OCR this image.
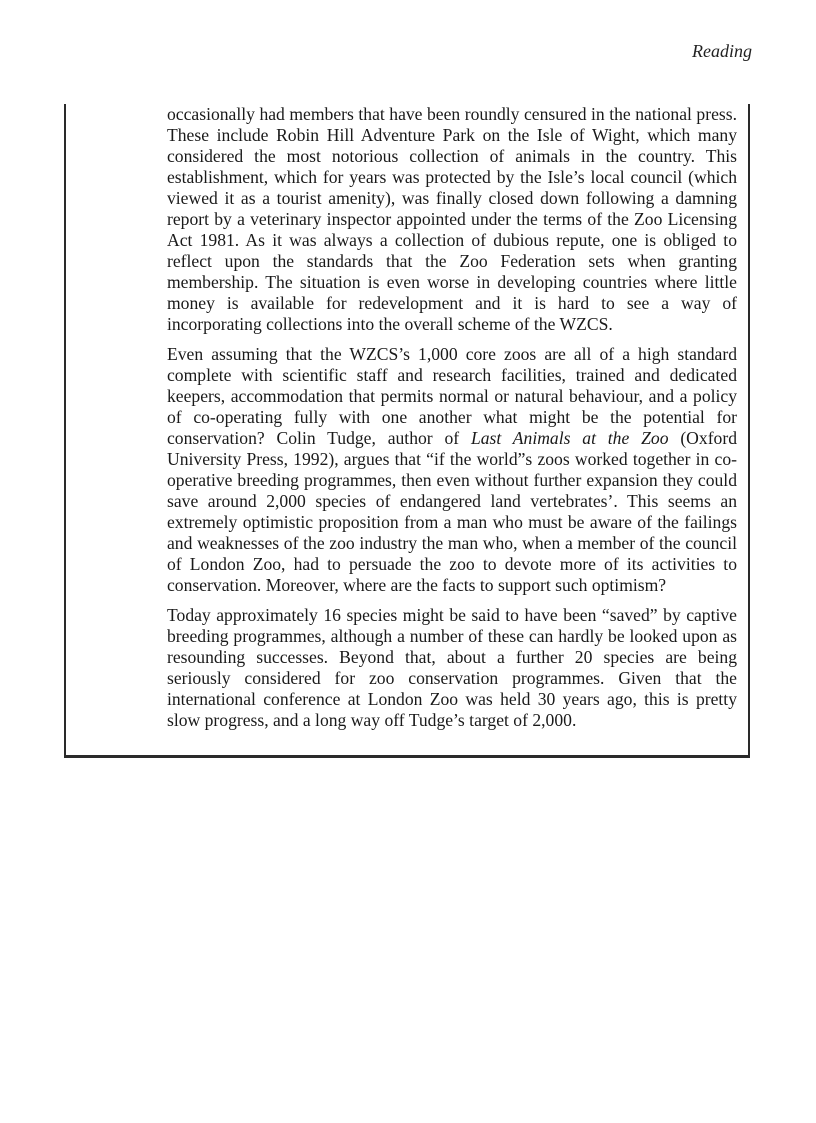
Reading

occasionally had members that have been roundly censured in the national press. These include Robin Hill Adventure Park on the Isle of Wight, which many considered the most notorious collection of animals in the country. This establishment, which for years was protected by the Isle’s local council (which viewed it as a tourist amenity), was finally closed down following a damning report by a veterinary inspector appointed under the terms of the Zoo Licensing Act 1981. As it was always a collection of dubious repute, one is obliged to reflect upon the standards that the Zoo Federation sets when granting membership. The situation is even worse in developing countries where little money is available for redevelopment and it is hard to see a way of incorporating collections into the overall scheme of the WZCS.

Even assuming that the WZCS’s 1,000 core zoos are all of a high standard complete with scientific staff and research facilities, trained and dedicated keepers, accommodation that permits normal or natural behaviour, and a policy of co-operating fully with one another what might be the potential for conservation? Colin Tudge, author of Last Animals at the Zoo (Oxford University Press, 1992), argues that “if the world”s zoos worked together in co-operative breeding programmes, then even without further expansion they could save around 2,000 species of endangered land vertebrates’. This seems an extremely optimistic proposition from a man who must be aware of the failings and weaknesses of the zoo industry the man who, when a member of the council of London Zoo, had to persuade the zoo to devote more of its activities to conservation. Moreover, where are the facts to support such optimism?

Today approximately 16 species might be said to have been “saved” by captive breeding programmes, although a number of these can hardly be looked upon as resounding successes. Beyond that, about a further 20 species are being seriously considered for zoo conservation programmes. Given that the international conference at London Zoo was held 30 years ago, this is pretty slow progress, and a long way off Tudge’s target of 2,000.
